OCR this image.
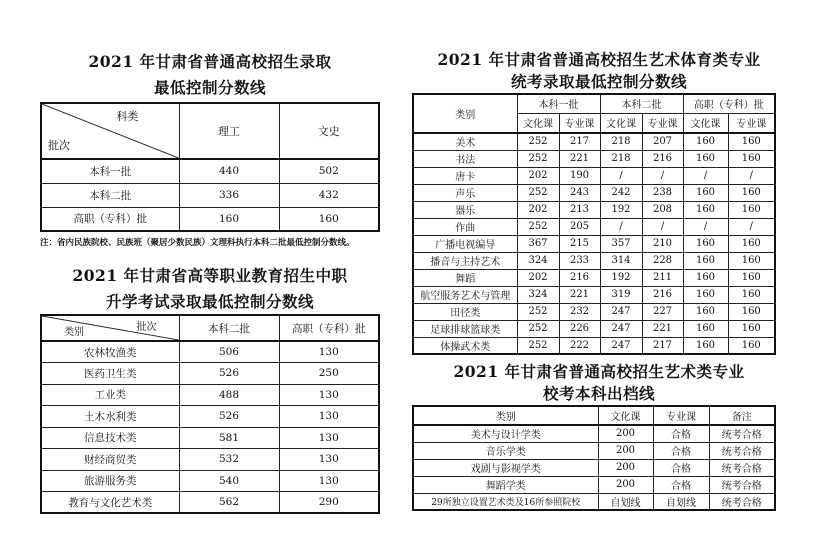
2021 年甘肃省普通高校招生录取
最低控制分数线
科类
批次	理工	文史
本科一批	440	502
本科二批	336	432
高职（专科）批	160	160
注：省内民族院校、民族班（聚居少数民族）文理科执行本科二批最低控制分数线。
2021 年甘肃省高等职业教育招生中职
升学考试录取最低控制分数线
批次
类别	本科二批	高职（专科）批
农林牧渔类	506	130
医药卫生类	526	250
工业类	488	130
土木水利类	526	130
信息技术类	581	130
财经商贸类	532	130
旅游服务类	540	130
教育与文化艺术类	562	290
2021 年甘肃省普通高校招生艺术体育类专业
统考录取最低控制分数线
类别	本科一批		本科二批		高职（专科）批	
	文化课	专业课	文化课	专业课	文化课	专业课
美术	252	217	218	207	160	160
书法	252	221	218	216	160	160
唐卡	202	190	/	/	/	/
声乐	252	243	242	238	160	160
器乐	202	213	192	208	160	160
作曲	252	205	/	/	/	/
广播电视编导	367	215	357	210	160	160
播音与主持艺术	324	233	314	228	160	160
舞蹈	202	216	192	211	160	160
航空服务艺术与管理	324	221	319	216	160	160
田径类	252	232	247	227	160	160
足球排球篮球类	252	226	247	221	160	160
体操武术类	252	222	247	217	160	160
2021 年甘肃省普通高校招生艺术类专业
校考本科出档线
类别	文化课	专业课	备注
美术与设计学类	200	合格	统考合格
音乐学类	200	合格	统考合格
戏剧与影视学类	200	合格	统考合格
舞蹈学类	200	合格	统考合格
29所独立设置艺术类及16所参照院校	自划线	自划线	统考合格
